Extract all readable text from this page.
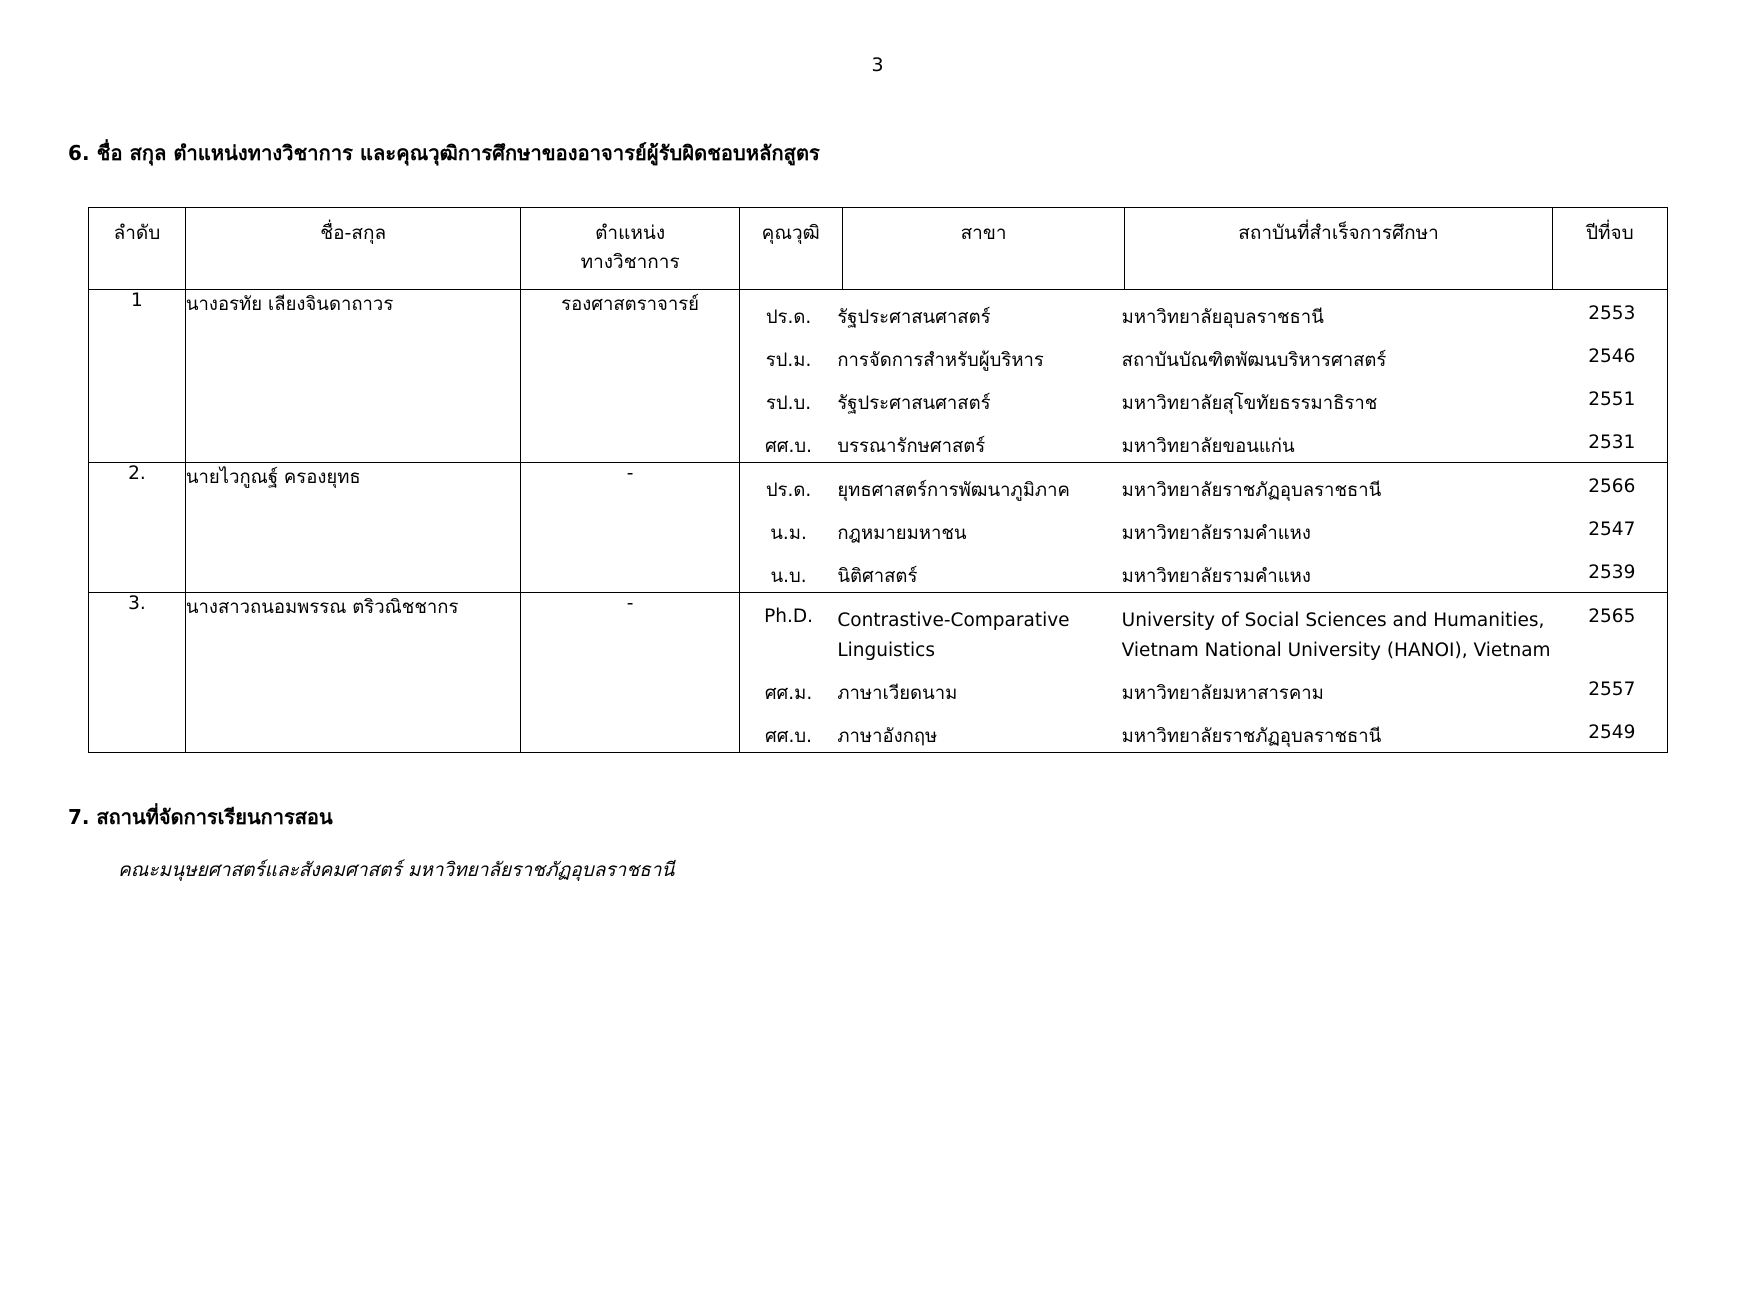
3
6. ชื่อ สกุล ตำแหน่งทางวิชาการ และคุณวุฒิการศึกษาของอาจารย์ผู้รับผิดชอบหลักสูตร
ลำดับ	ชื่อ-สกุล	ตำแหน่ง
ทางวิชาการ
	คุณวุฒิ	สาขา	สถาบันที่สำเร็จการศึกษา	ปีที่จบ
1	นางอรทัย เลียงจินดาถาวร	รองศาสตราจารย์	
ปร.ด.	รัฐประศาสนศาสตร์	มหาวิทยาลัยอุบลราชธานี	2553
รป.ม.	การจัดการสำหรับผู้บริหาร	สถาบันบัณฑิตพัฒนบริหารศาสตร์	2546
รป.บ.	รัฐประศาสนศาสตร์	มหาวิทยาลัยสุโขทัยธรรมาธิราช	2551
ศศ.บ.	บรรณารักษศาสตร์	มหาวิทยาลัยขอนแก่น	2531

2.	นายไวกูณฐ์ ครองยุทธ	-	
ปร.ด.	ยุทธศาสตร์การพัฒนาภูมิภาค	มหาวิทยาลัยราชภัฏอุบลราชธานี	2566
น.ม.	กฎหมายมหาชน	มหาวิทยาลัยรามคำแหง	2547
น.บ.	นิติศาสตร์	มหาวิทยาลัยรามคำแหง	2539

3.	นางสาวถนอมพรรณ ตริวณิชชากร	-	
Ph.D.	Contrastive-Comparative Linguistics	University of Social Sciences and Humanities, Vietnam National University (HANOI), Vietnam	2565
ศศ.ม.	ภาษาเวียดนาม	มหาวิทยาลัยมหาสารคาม	2557
ศศ.บ.	ภาษาอังกฤษ	มหาวิทยาลัยราชภัฏอุบลราชธานี	2549
7. สถานที่จัดการเรียนการสอน
คณะมนุษยศาสตร์และสังคมศาสตร์ มหาวิทยาลัยราชภัฏอุบลราชธานี
